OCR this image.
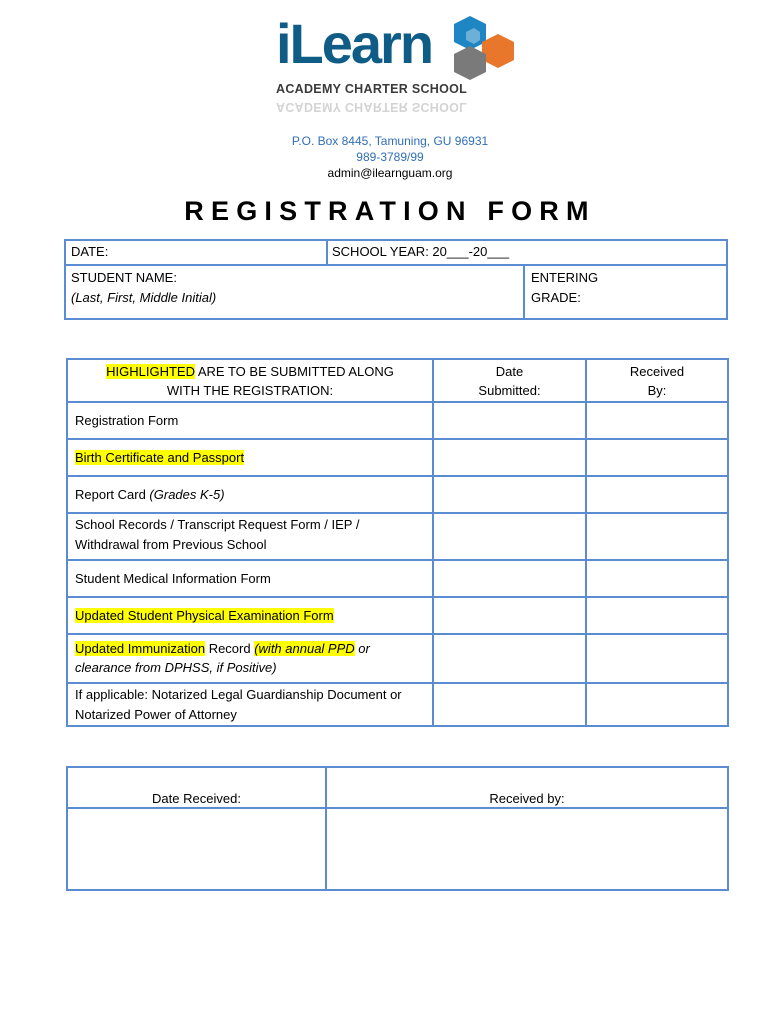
iLearn
ACADEMY CHARTER SCHOOL
ACADEMY CHARTER SCHOOL
P.O. Box 8445, Tamuning, GU 96931
989-3789/99
admin@ilearnguam.org
REGISTRATION FORM
DATE:	SCHOOL YEAR: 20___-20___
STUDENT NAME:
(Last, First, Middle Initial)
ENTERING
GRADE:
HIGHLIGHTED ARE TO BE SUBMITTED ALONG
WITH THE REGISTRATION:
Date
Submitted:
Received
By:
Registration Form
Birth Certificate and Passport
Report Card (Grades K-5)
School Records / Transcript Request Form / IEP /
Withdrawal from Previous School
Student Medical Information Form
Updated Student Physical Examination Form
Updated Immunization Record (with annual PPD or
clearance from DPHSS, if Positive)
If applicable: Notarized Legal Guardianship Document or
Notarized Power of Attorney
Date Received:	Received by:
